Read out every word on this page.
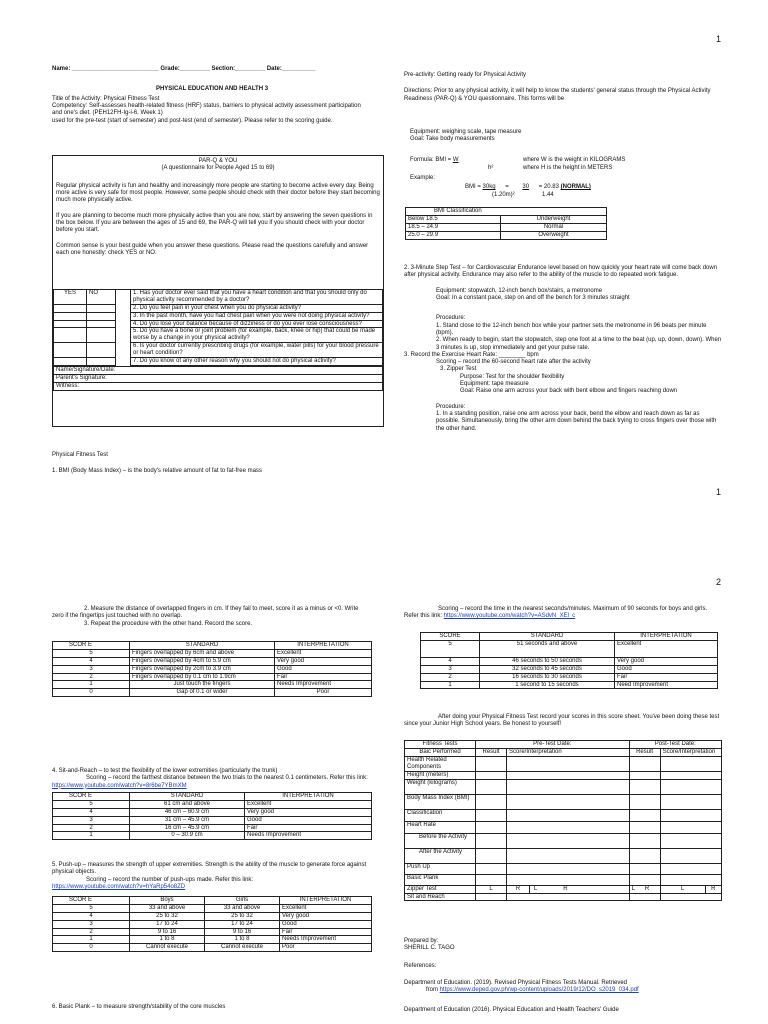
1
1
2

Name: __________________________ Grade:_________ Section:_________ Date:__________

PHYSICAL EDUCATION AND HEALTH 3

Title of the Activity: Physical Fitness Test

Competency: Self-assesses health-related fitness (HRF) status, barriers to physical activity assessment participation and one's diet. (PEH12FH-Ig-i-6, Week 1)

used for the pre-test (start of semester) and post-test (end of semester). Please refer to the scoring guide.

PAR-Q & YOU

(A questionnaire for People Aged 15 to 69)

Regular physical activity is fun and healthy and increasingly more people are starting to become active every day. Being more active is very safe for most people. However, some people should check with their doctor before they start becoming much more physically active.

If you are planning to become much more physically active than you are now, start by answering the seven questions in the box below. If you are between the ages of 15 and 69, the PAR-Q will tell you if you should check with your doctor before you start.

Common sense is your best guide when you answer these questions. Please read the questions carefully and answer each one honestly: check YES or NO.

YES	NO		1. Has your doctor ever said that you have a heart condition and that you should only do physical activity recommended by a doctor?
			2. Do you feel pain in your chest when you do physical activity?
			3. In the past month, have you had chest pain when you were not doing physical activity?
			4. Do you lose your balance because of dizziness or do you ever lose consciousness?
			5. Do you have a bone or joint problem (for example, back, knee or hip) that could be made worse by a change in your physical activity?
			6. Is your doctor currently prescribing drugs (for example, water pills) for your blood pressure or heart condition?
			7. Do you know of any other reason why you should not do physical activity?

Name/Signature/Date:			
Parent's Signature:			
Witness:			

Physical Fitness Test

1. BMI (Body Mass Index) – is the body's relative amount of fat to fat-free mass

Pre-activity: Getting ready for Physical Activity

Directions: Prior to any physical activity, it will help to know the students' general status through the Physical Activity Readiness (PAR-Q) & YOU questionnaire. This forms will be

Equipment: weighing scale, tape measure

Goal: Take body measurements

Formula: BMI = W	where W is the weight in KILOGRAMS
h²	where H is the height in METERS

Example:

BMI = 30kg = 30 = 20.83 (NORMAL)
(1.20m)²	1.44
BMI Classification	
Below 18.5	Underweight
18.5 – 24.9	Normal
25.0 – 29.9	Overweight

2. 3-Minute Step Test – for Cardiovascular Endurance level based on how quickly your heart rate will come back down after physical activity. Endurance may also refer to the ability of the muscle to do repeated work fatigue.

Equipment: stopwatch, 12-inch bench box/stairs, a metronome

Goal: In a constant pace, step on and off the bench for 3 minutes straight

Procedure:

1. Stand close to the 12-inch bench box while your partner sets the metronome in 96 beats per minute (bpm).

2. When ready to begin, start the stopwatch, step one foot at a time to the beat (up, up, down, down). When 3 minutes is up, stop immediately and get your pulse rate.

3. Record the Exercise Heart Rate: ________ bpm

Scoring – record the 60-second heart rate after the activity

3. Zipper Test

Purpose: Test for the shoulder flexibility

Equipment: tape measure

Goal: Raise one arm across your back with bent elbow and fingers reaching down

Procedure:

1. In a standing position, raise one arm across your back, bend the elbow and reach down as far as possible. Simultaneously, bring the other arm down behind the back trying to cross fingers over those with the other hand.

2. Measure the distance of overlapped fingers in cm. If they fail to meet, score it as a minus or <0. Write zero if the fingertips just touched with no overlap.

3. Repeat the procedure with the other hand. Record the score.

SCOR E	STANDARD	INTERPRETATION
5	Fingers overlapped by 6cm and above	Excellent
4	Fingers overlapped by 4cm to 5.9 cm	Very good
3	Fingers overlapped by 2cm to 3.9 cm	Good
2	Fingers overlapped by 0.1 cm to 1.9cm	Fair
1	Just touch the fingers	Needs Improvement
0	Gap of 0.1 or wider	Poor

4. Sit-and-Reach – to test the flexibility of the lower extremities (particularly the trunk)

Scoring – record the farthest distance between the two trials to the nearest 0.1 centimeters. Refer this link: https://www.youtube.com/watch?v=8r6be7YBmXM

SCOR E	STANDARD	INTERPRETATION
5	61 cm and above	Excellent
4	46 cm – 60.9 cm	Very good
3	31 cm – 45.9 cm	Good
2	16 cm – 45.9 cm	Fair
1	0 – 30.9 cm	Needs Improvement

5. Push-up – measures the strength of upper extremities. Strength is the ability of the muscle to generate force against physical objects.

Scoring – record the number of push-ups made. Refer this link:

https://www.youtube.com/watch?v=hYaRp54o8ZD

SCOR E	Boys	Girls	INTERPRETATION
5	33 and above	33 and above	Excellent
4	25 to 32	25 to 32	Very good
3	17 to 24	17 to 24	Good
2	9 to 16	9 to 16	Fair
1	1 to 8	1 to 8	Needs Improvement
0	Cannot execute	Cannot execute	Poor

6. Basic Plank – to measure strength/stability of the core muscles

Scoring – record the time in the nearest seconds/minutes. Maximum of 90 seconds for boys and girls. Refer this link: https://www.youtube.com/watch?v=ASdvN_XEl_c

SCORE	STANDARD	INTERPRETATION
5	51 seconds and above	Excellent
4	46 seconds to 50 seconds	Very good
3	32 seconds to 45 seconds	Good
2	16 seconds to 30 seconds	Fair
1	1 second to 15 seconds	Need Improvement

After doing your Physical Fitness Test record your scores in this score sheet. You've been doing these test since your Junior High School years. Be honest to yourself!

Fitness Tests	Pre-Test Date:			Post-Test Date:		
Baic Performed	Result	Score/Interpretation		Result	Score/Interpretation	
Health Related Components						
Height (meters)						
Weight (kilograms)						
Body Mass Index (BMI)						
Classification						
Heart Rate						
Before the Activity						
After the Activity						
Push Up						
Basic Plank						
Zipper Test	L	R	L R	L R	L	R
Sit and Reach						

Prepared by:

SHERILL C. TAGO

References:

Department of Education. (2019). Revised Physical Fitness Tests Manual. Retrieved

from https://www.deped.gov.ph/wp-content/uploads/2019/12/DO_s2019_034.pdf

Department of Education (2016). Physical Education and Health Teachers' Guide
